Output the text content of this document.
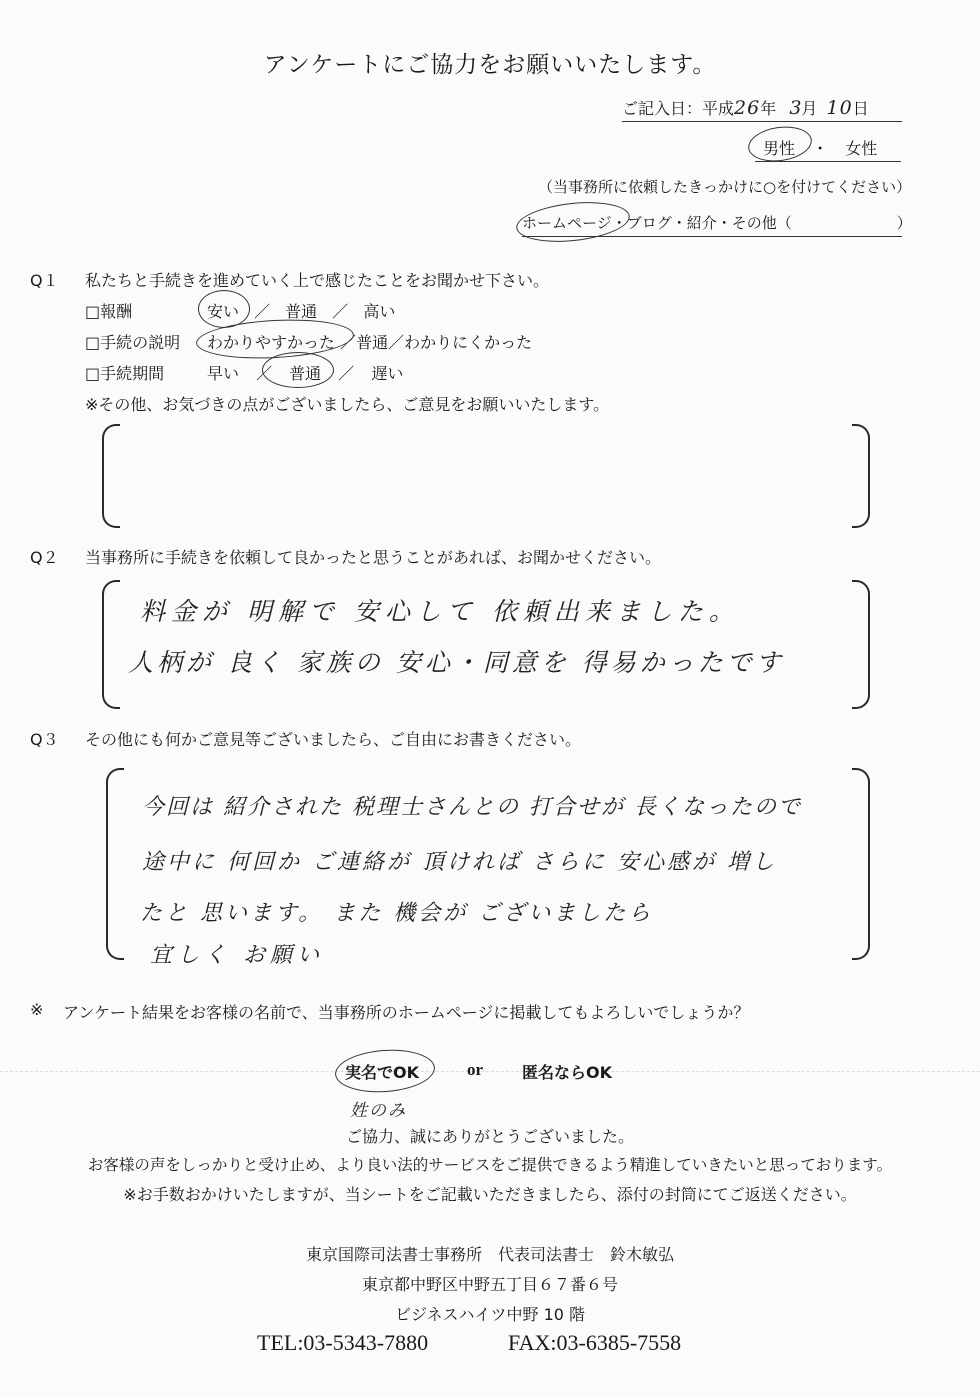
アンケートにご協力をお願いいたします。
ご記入日：平成26年 3月 10日
男性 ・ 女性
（当事務所に依頼したきっかけに○を付けてください）
ホームページ・ブログ・紹介・その他（　　　　　　　）
Q１ 私たちと手続きを進めていく上で感じたことをお聞かせ下さい。
□報酬	安い ／ 普通 ／ 高い
□手続の説明 わかりやすかった ／普通／わかりにくかった
□手続期間	早い ／ 普通 ／ 遅い
※その他、お気づきの点がございましたら、ご意見をお願いいたします。
Q２ 当事務所に手続きを依頼して良かったと思うことがあれば、お聞かせください。
料金が 明解で 安心して 依頼出来ました。
人柄が 良く 家族の 安心・同意を 得易かったです
Q３ その他にも何かご意見等ございましたら、ご自由にお書きください。
今回は 紹介された 税理士さんとの 打合せが 長くなったので
途中に 何回か ご連絡が 頂ければ さらに 安心感が 増し
たと 思います。 また 機会が ございましたら
宜しく お願い
※ アンケート結果をお客様の名前で、当事務所のホームページに掲載してもよろしいでしょうか？
実名でOK	or 匿名ならOK
姓のみ
ご協力、誠にありがとうございました。
お客様の声をしっかりと受け止め、より良い法的サービスをご提供できるよう精進していきたいと思っております。
※お手数おかけいたしますが、当シートをご記載いただきましたら、添付の封筒にてご返送ください。
東京国際司法書士事務所　代表司法書士　鈴木敏弘
東京都中野区中野五丁目６７番６号
ビジネスハイツ中野 10 階
TEL:03-5343-7880	FAX:03-6385-7558
